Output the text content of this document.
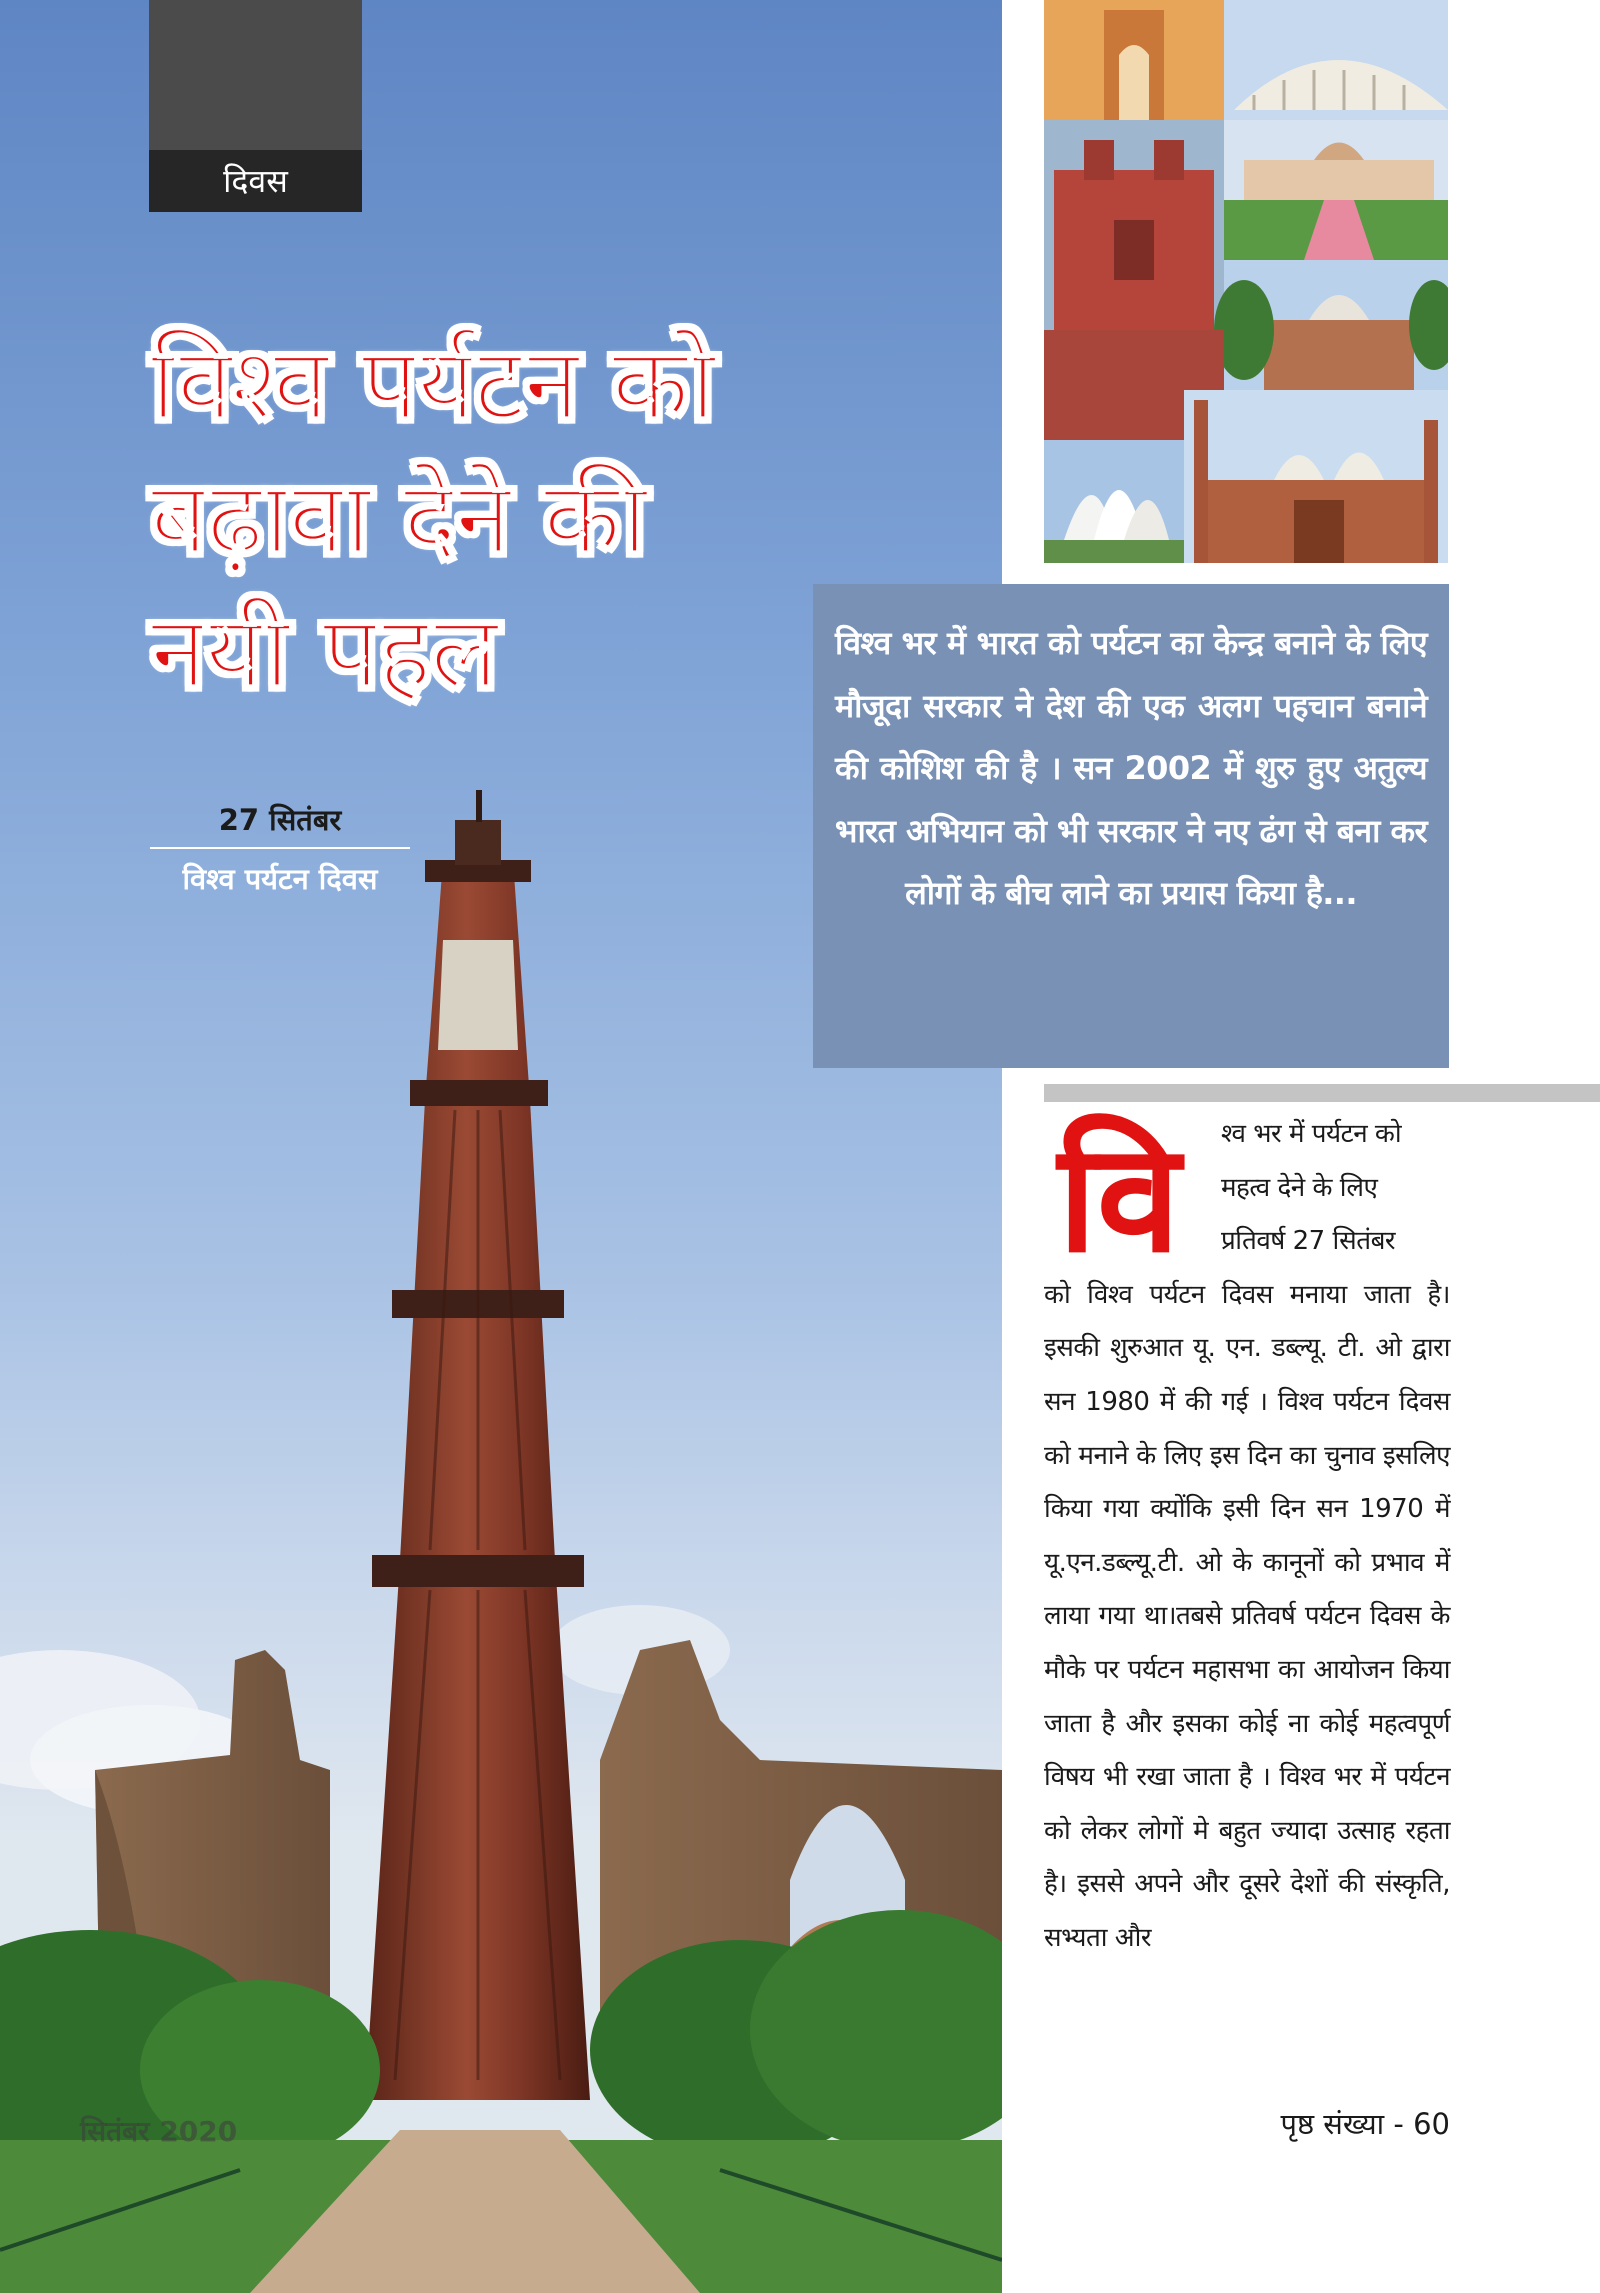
दिवस
विश्व पर्यटन को
बढ़ावा देने की
नयी पहल
27 सितंबर
विश्व पर्यटन दिवस
सितंबर 2020

विश्व भर में भारत को पर्यटन का केन्द्र बनाने के लिए मौजूदा सरकार ने देश की एक अलग पहचान बनाने की कोशिश की है । सन 2002 में शुरु हुए अतुल्य भारत अभियान को भी सरकार ने नए ढंग से बना कर लोगों के बीच लाने का प्रयास किया है...

वि	श्व भर में पर्यटन को
महत्व देने के लिए
प्रतिवर्ष 27 सितंबर

को विश्व पर्यटन दिवस मनाया जाता है। इसकी शुरुआत यू. एन. डब्ल्यू. टी. ओ द्वारा सन 1980 में की गई । विश्व पर्यटन दिवस को मनाने के लिए इस दिन का चुनाव इसलिए किया गया क्योंकि इसी दिन सन 1970 में यू.एन.डब्ल्यू.टी. ओ के कानूनों को प्रभाव में लाया गया था।तबसे प्रतिवर्ष पर्यटन दिवस के मौके पर पर्यटन महासभा का आयोजन किया जाता है और इसका कोई ना कोई महत्वपूर्ण विषय भी रखा जाता है । विश्व भर में पर्यटन को लेकर लोगों मे बहुत ज्यादा उत्साह रहता है। इससे अपने और दूसरे देशों की संस्कृति, सभ्यता और

पृष्ठ संख्या - 60
